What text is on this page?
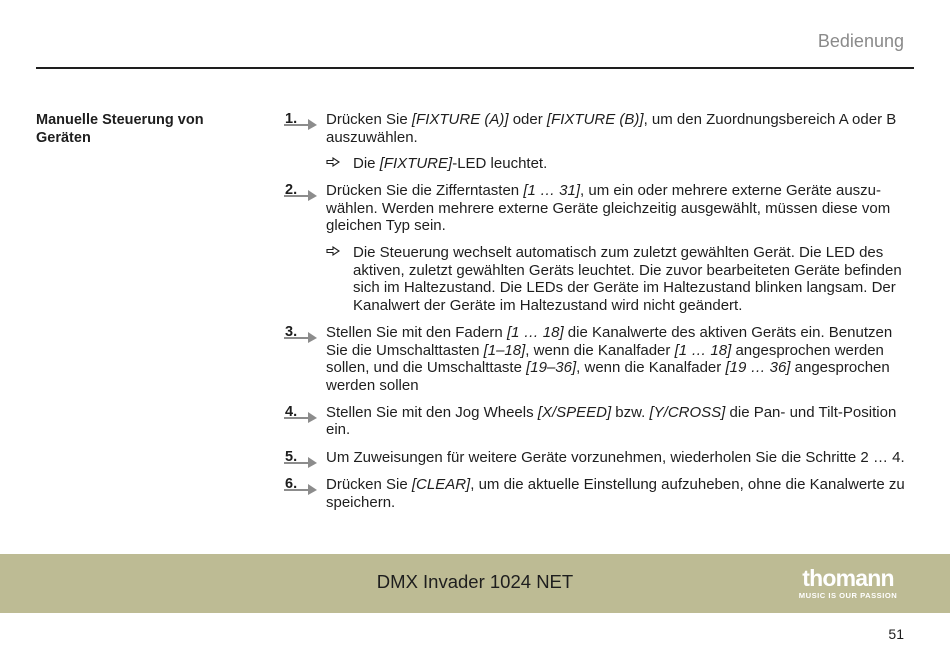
Bedienung
Manuelle Steuerung von Geräten
1. Drücken Sie [FIXTURE (A)] oder [FIXTURE (B)], um den Zuordnungsbereich A oder B auszuwählen.

Die [FIXTURE]-LED leuchtet.
2. Drücken Sie die Zifferntasten [1 … 31], um ein oder mehrere externe Geräte auszuwählen. Werden mehrere externe Geräte gleichzeitig ausgewählt, müssen diese vom gleichen Typ sein.

Die Steuerung wechselt automatisch zum zuletzt gewählten Gerät. Die LED des aktiven, zuletzt gewählten Geräts leuchtet. Die zuvor bearbeiteten Geräte befinden sich im Haltezustand. Die LEDs der Geräte im Haltezustand blinken langsam. Der Kanalwert der Geräte im Haltezustand wird nicht geändert.
3. Stellen Sie mit den Fadern [1 … 18] die Kanalwerte des aktiven Geräts ein. Benutzen Sie die Umschalttasten [1–18], wenn die Kanalfader [1 … 18] angesprochen werden sollen, und die Umschalttaste [19–36], wenn die Kanalfader [19 … 36] angesprochen werden sollen

4. Stellen Sie mit den Jog Wheels [X/SPEED] bzw. [Y/CROSS] die Pan- und Tilt-Position ein.

5. Um Zuweisungen für weitere Geräte vorzunehmen, wiederholen Sie die Schritte 2 … 4.

6. Drücken Sie [CLEAR], um die aktuelle Einstellung aufzuheben, ohne die Kanalwerte zu speichern.

DMX Invader 1024 NET	thomann
MUSIC IS OUR PASSION
51
